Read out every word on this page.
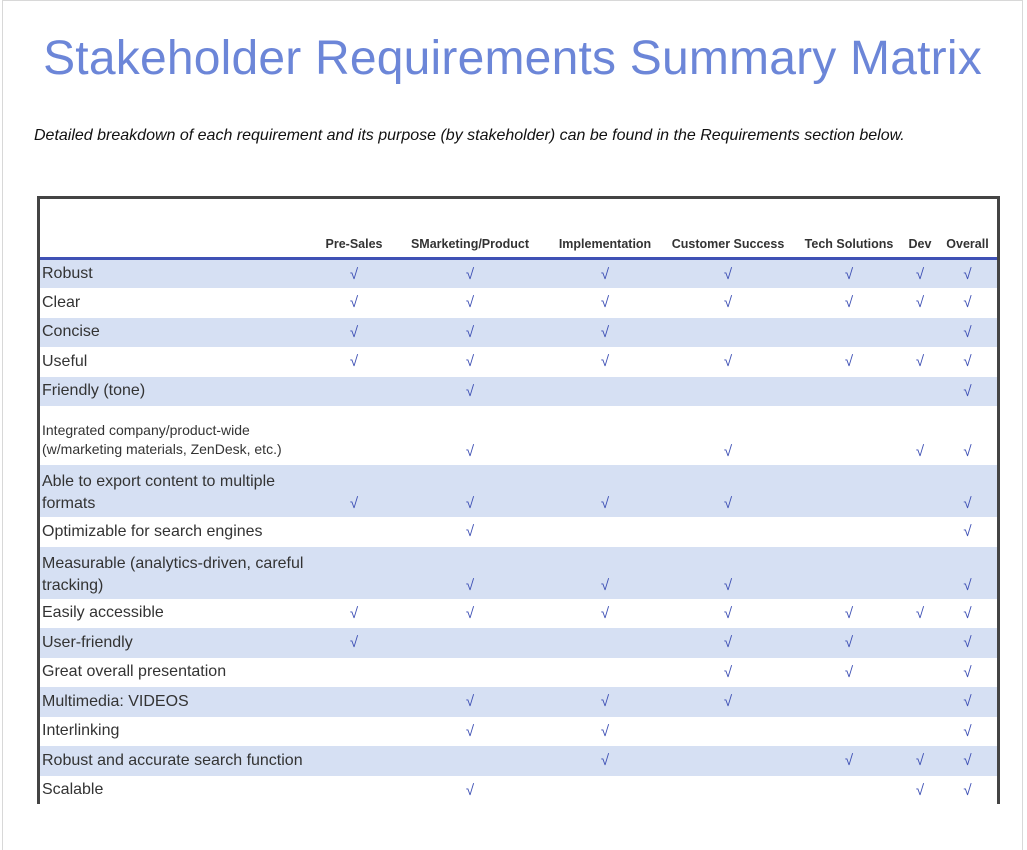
Stakeholder Requirements Summary Matrix
Detailed breakdown of each requirement and its purpose (by stakeholder) can be found in the Requirements section below.
	Pre-Sales	SMarketing/Product	Implementation	Customer Success	Tech Solutions	Dev	Overall
Robust	√	√	√	√	√	√	√
Clear	√	√	√	√	√	√	√
Concise	√	√	√				√
Useful	√	√	√	√	√	√	√
Friendly (tone)		√					√
Integrated company/product-wide (w/marketing materials, ZenDesk, etc.)		√		√		√	√
Able to export content to multiple formats	√	√	√	√			√
Optimizable for search engines		√					√
Measurable (analytics-driven, careful tracking)		√	√	√			√
Easily accessible	√	√	√	√	√	√	√
User-friendly	√			√	√		√
Great overall presentation				√	√		√
Multimedia: VIDEOS		√	√	√			√
Interlinking		√	√				√
Robust and accurate search function			√		√	√	√
Scalable		√				√	√
